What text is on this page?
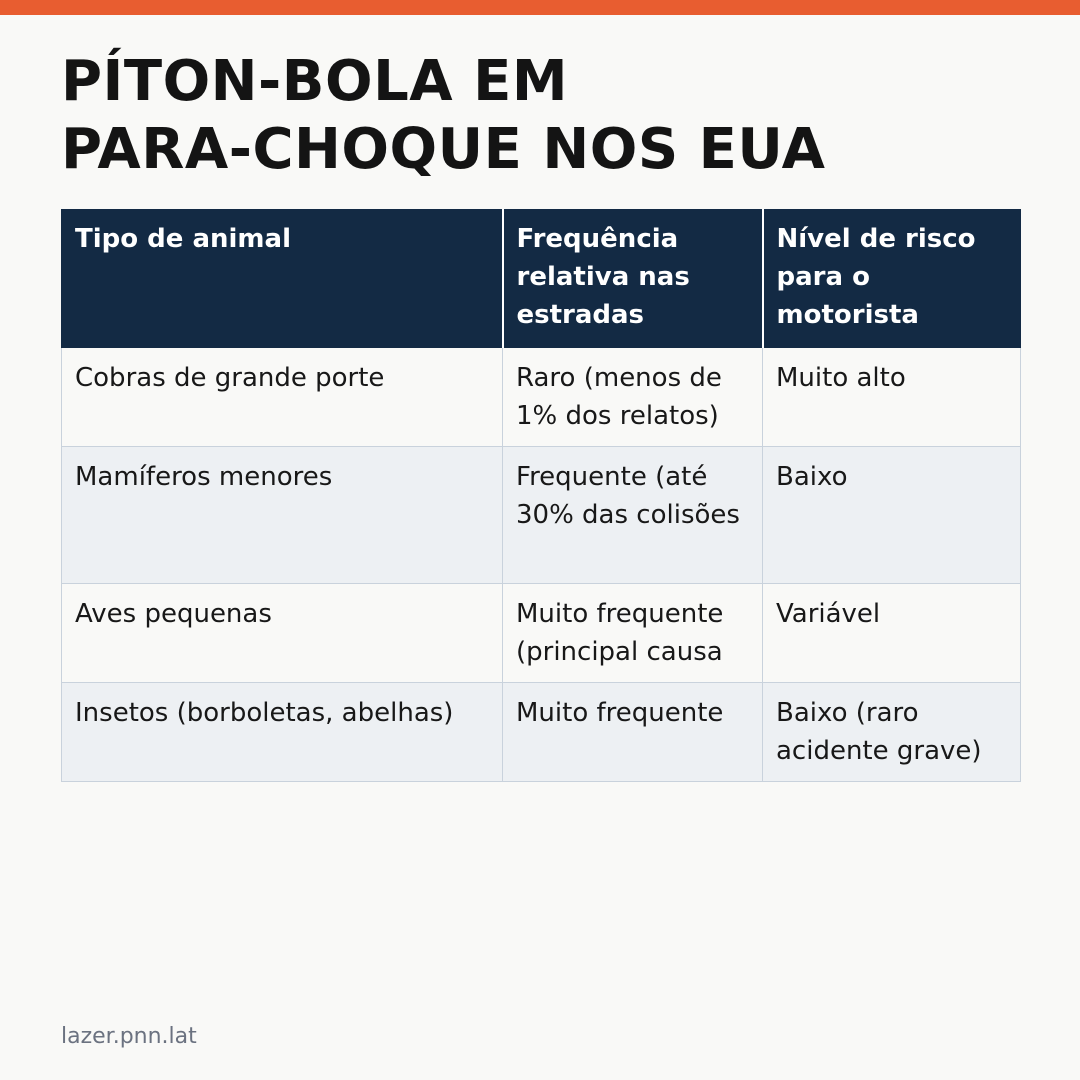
PÍTON-BOLA EM
PARA-CHOQUE NOS EUA
Tipo de animal	Frequência relativa nas estradas	Nível de risco para o motorista
Cobras de grande porte	Raro (menos de 1% dos relatos)	Muito alto
Mamíferos menores	Frequente (até 30% das colisões	Baixo
Aves pequenas	Muito frequente (principal causa	Variável
Insetos (borboletas, abelhas)	Muito frequente	Baixo (raro acidente grave)
lazer.pnn.lat
